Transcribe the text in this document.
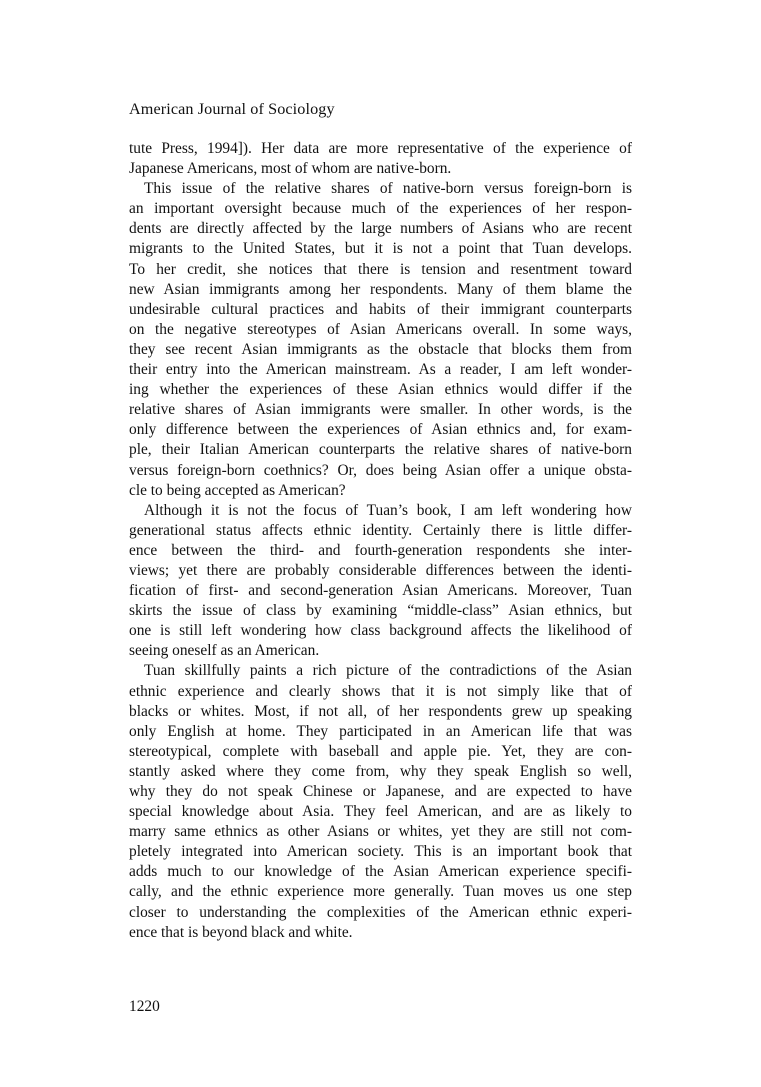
American Journal of Sociology

tute Press, 1994]). Her data are more representative of the experience of
Japanese Americans, most of whom are native-born.

This issue of the relative shares of native-born versus foreign-born is
an important oversight because much of the experiences of her respon-
dents are directly affected by the large numbers of Asians who are recent
migrants to the United States, but it is not a point that Tuan develops.
To her credit, she notices that there is tension and resentment toward
new Asian immigrants among her respondents. Many of them blame the
undesirable cultural practices and habits of their immigrant counterparts
on the negative stereotypes of Asian Americans overall. In some ways,
they see recent Asian immigrants as the obstacle that blocks them from
their entry into the American mainstream. As a reader, I am left wonder-
ing whether the experiences of these Asian ethnics would differ if the
relative shares of Asian immigrants were smaller. In other words, is the
only difference between the experiences of Asian ethnics and, for exam-
ple, their Italian American counterparts the relative shares of native-born
versus foreign-born coethnics? Or, does being Asian offer a unique obsta-
cle to being accepted as American?

Although it is not the focus of Tuan’s book, I am left wondering how
generational status affects ethnic identity. Certainly there is little differ-
ence between the third- and fourth-generation respondents she inter-
views; yet there are probably considerable differences between the identi-
fication of first- and second-generation Asian Americans. Moreover, Tuan
skirts the issue of class by examining “middle-class” Asian ethnics, but
one is still left wondering how class background affects the likelihood of
seeing oneself as an American.

Tuan skillfully paints a rich picture of the contradictions of the Asian
ethnic experience and clearly shows that it is not simply like that of
blacks or whites. Most, if not all, of her respondents grew up speaking
only English at home. They participated in an American life that was
stereotypical, complete with baseball and apple pie. Yet, they are con-
stantly asked where they come from, why they speak English so well,
why they do not speak Chinese or Japanese, and are expected to have
special knowledge about Asia. They feel American, and are as likely to
marry same ethnics as other Asians or whites, yet they are still not com-
pletely integrated into American society. This is an important book that
adds much to our knowledge of the Asian American experience specifi-
cally, and the ethnic experience more generally. Tuan moves us one step
closer to understanding the complexities of the American ethnic experi-
ence that is beyond black and white.

1220
